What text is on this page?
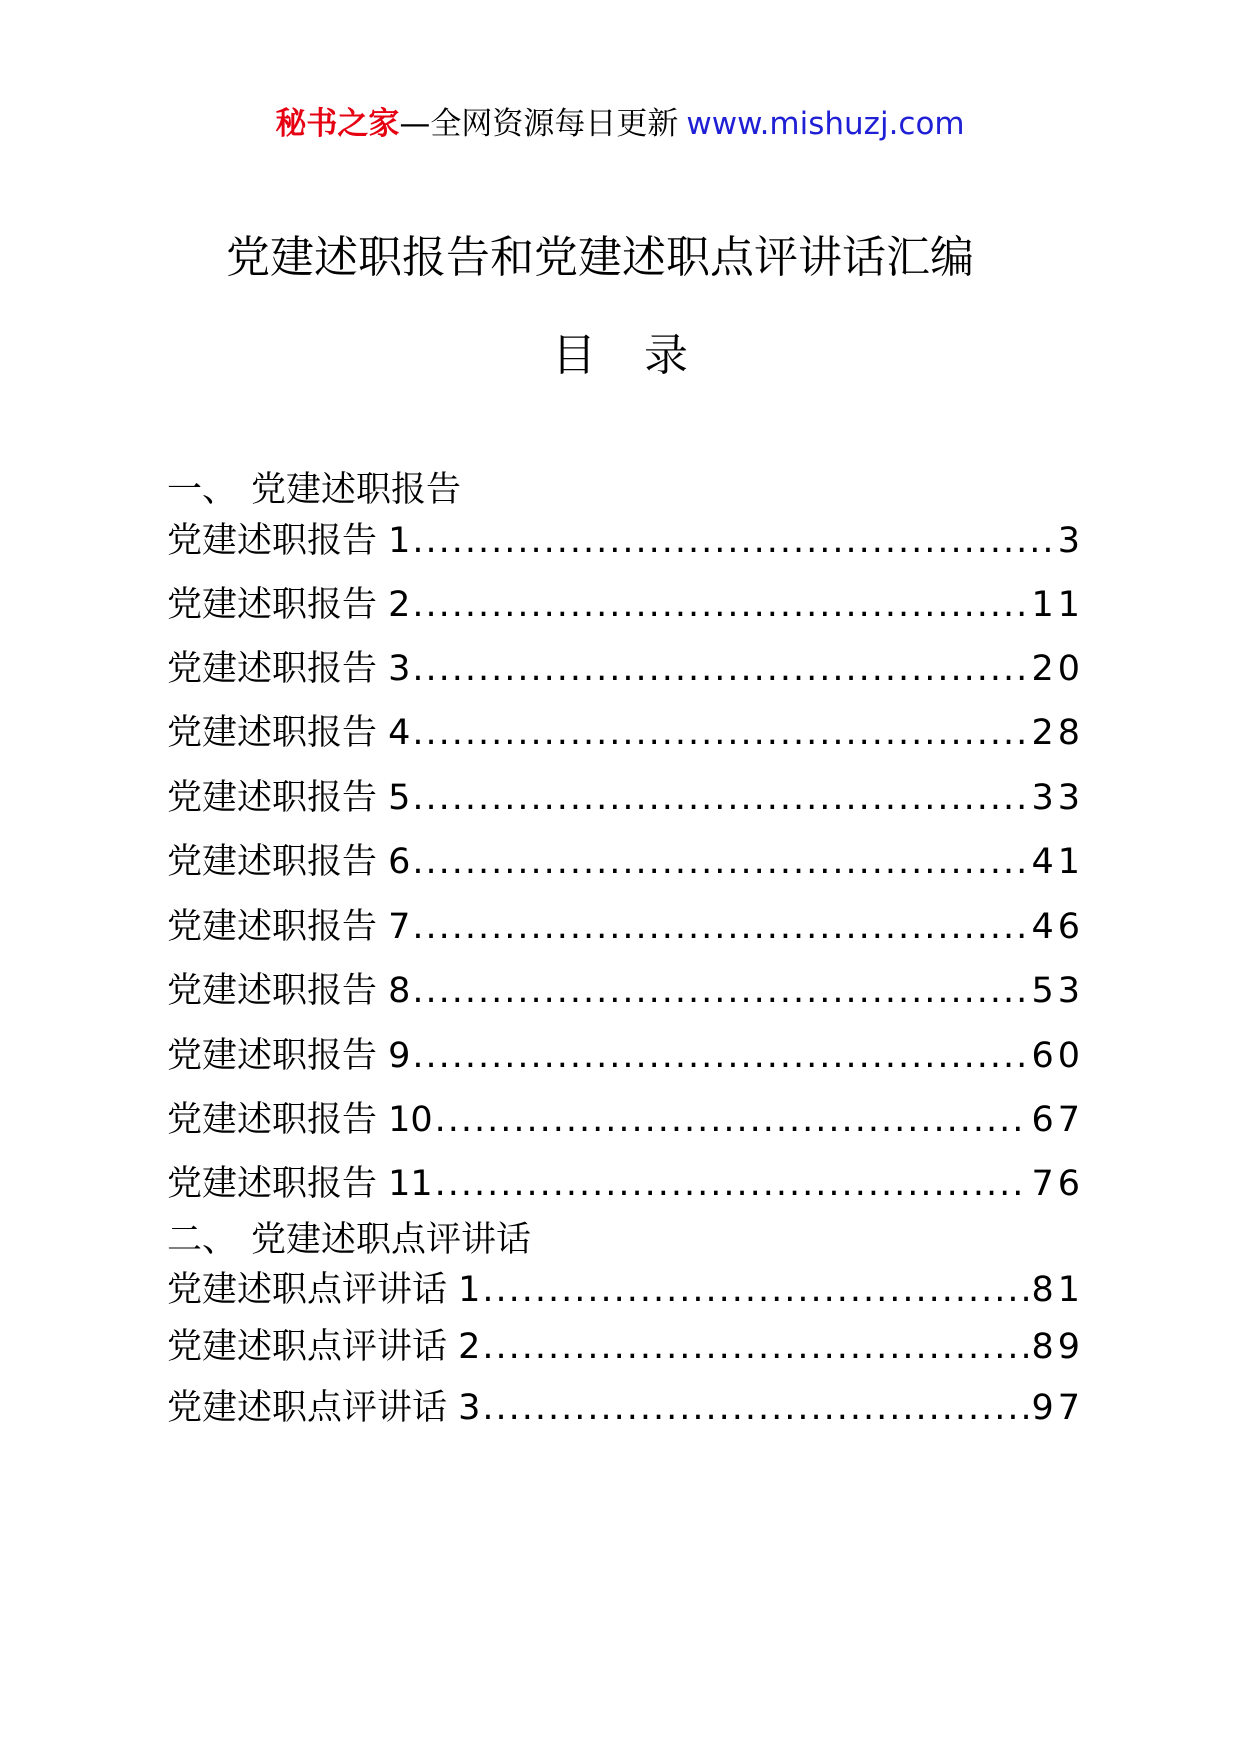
秘书之家—全网资源每日更新 www.mishuzj.com
党建述职报告和党建述职点评讲话汇编
目录
一、 党建述职报告
党建述职报告 1 .....	3
党建述职报告 2 .....	11
党建述职报告 3 .....	20
党建述职报告 4 .....	28
党建述职报告 5 .....	33
党建述职报告 6 .....	41
党建述职报告 7 .....	46
党建述职报告 8 .....	53
党建述职报告 9 .....	60
党建述职报告 10 .....	67
党建述职报告 11 .....	76
二、 党建述职点评讲话
党建述职点评讲话 1 .....	81
党建述职点评讲话 2 .....	89
党建述职点评讲话 3 .....	97
